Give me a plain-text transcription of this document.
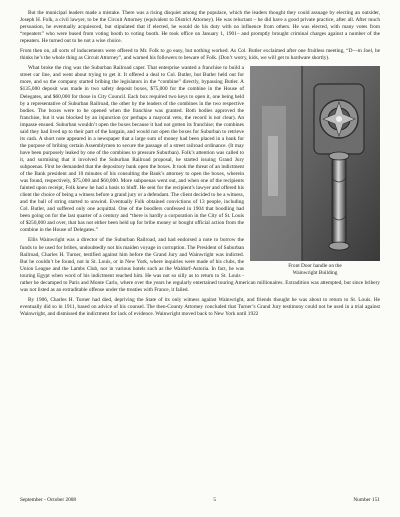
But the municipal leaders made a mistake. There was a rising disquiet among the populace, which the leaders thought they could assuage by electing an outsider, Joseph H. Folk, a civil lawyer, to be the Circuit Attorney (equivalent to District Attorney). He was reluctant – he did have a good private practice, after all. After much persuasion, he eventually acquiesced, but stipulated that if elected, he would do his duty with no influence from others. He was elected, with many votes from “repeaters” who were bused from voting booth to voting booth. He took office on January 1, 1901– and promptly brought criminal charges against a number of the repeaters. He turned out to be not a wise choice.

From then on, all sorts of inducements were offered to Mr. Folk to go easy, but nothing worked. As Col. Butler exclaimed after one fruitless meeting, “D—m Joel, he thinks he’s the whole thing as Circuit Attorney”, and warned his followers to beware of Folk. (Don’t worry, kids, we will get to hardware shortly).

Front Door handle on the
Wainwright Building

What broke the ring was the Suburban Railroad caper. That enterprise wanted a franchise to build a street car line, and went about trying to get it. It offered a deal to Col. Butler, but Butler held out for more, and so the company started bribing the legislators in the “combine” directly, bypassing Butler. A $135,000 deposit was made in two safety deposit boxes, $75,000 for the combine in the House of Delegates, and $60,000 for those in City Council. Each box required two keys to open it, one being held by a representative of Suburban Railroad, the other by the leaders of the combines in the two respective bodies. The boxes were to be opened when the franchise was granted. Both bodies approved the franchise, but it was blocked by an injunction (or perhaps a mayoral veto, the record is not clear). An impasse ensued. Suburban wouldn’t open the boxes because it had not gotten its franchise; the combines said they had lived up to their part of the bargain, and would not open the boxes for Suburban to retrieve its cash. A short note appeared in a newspaper that a large sum of money had been placed in a bank for the purpose of bribing certain Assemblymen to secure the passage of a street railroad ordinance. (It may have been purposely leaked by one of the combines to pressure Suburban). Folk’s attention was called to it, and surmising that it involved the Suburban Railroad proposal, he started issuing Grand Jury subpoenas. First he demanded that the depository bank open the boxes. It took the threat of an indictment of the Bank president and 10 minutes of his consulting the Bank’s attorney to open the boxes, wherein was found, respectively, $75,000 and $60,000. More subpoenas went out, and when one of the recipients fainted upon receipt, Folk knew he had a basis to bluff. He sent for the recipient’s lawyer and offered his client the choice of being a witness before a grand jury or a defendant. The client decided to be a witness, and the ball of string started to unwind. Eventually Folk obtained convictions of 13 people, including Col. Butler, and suffered only one acquittal. One of the boodlers confessed in 1904 that boodling had been going on for the last quarter of a century and “there is hardly a corporation in the City of St. Louis of $250,000 and over, that has not either been held up for bribe money or bought official action from the combine in the House of Delegates.”

Ellis Wainwright was a director of the Suburban Railroad, and had endorsed a note to borrow the funds to be used for bribes, undoubtedly not his maiden voyage in corruption. The President of Suburban Railroad, Charles H. Turner, testified against him before the Grand Jury and Wainwright was indicted. But he couldn’t be found, not in St. Louis, or in New York, where inquiries were made of his clubs, the Union League and the Lambs Club, nor in various hotels such as the Waldorf-Astoria. In fact, he was touring Egypt when word of his indictment reached him. He was not so silly as to return to St. Louis - rather he decamped to Paris and Monte Carlo, where over the years he regularly entertained touring American millionaires. Extradition was attempted, but since bribery was not listed as an extraditable offense under the treaties with France, it failed.

By 1906, Charles H. Turner had died, depriving the State of its only witness against Wainwright, and friends thought he was about to return to St. Louis. He eventually did so in 1911, based on advice of his counsel. The then-County Attorney concluded that Turner’s Grand Jury testimony could not be used in a trial against Wainwright, and dismissed the indictment for lack of evidence. Wainwright moved back to New York until 1922

September - October 2008	5	Number 151
